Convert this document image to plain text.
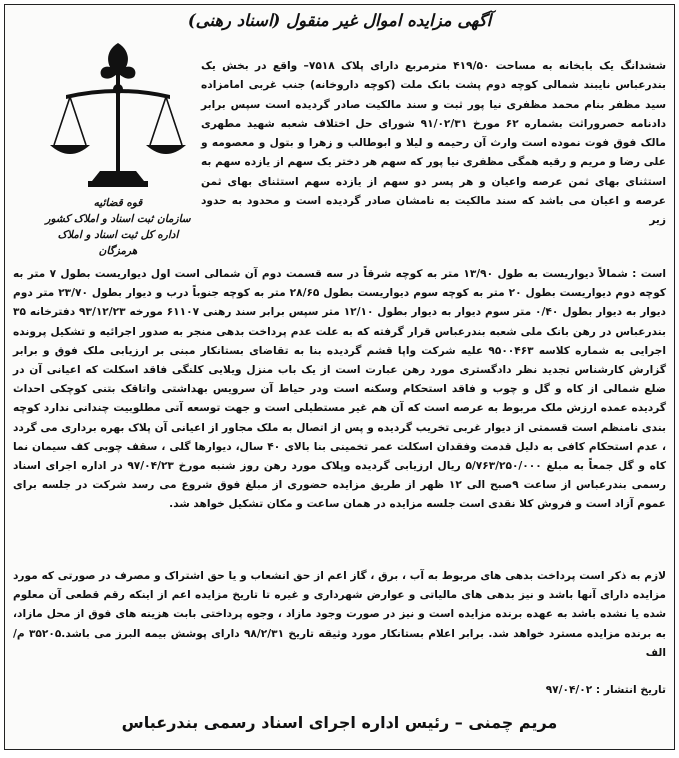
آگهی مزایده اموال غیر منقول (اسناد رهنی)
قوه قضائیه
سازمان ثبت اسناد و املاک کشور
اداره کل ثبت اسناد و املاک هرمزگان
ششدانگ یک بابخانه به مساحت ۴۱۹/۵۰ مترمربع دارای پلاک ۷۵۱۸– واقع در بخش یک بندرعباس نایبند شمالی کوچه دوم پشت بانک ملت (کوچه داروخانه) جنب غربی امامزاده سید مظفر بنام محمد مظفری نیا پور ثبت و سند مالکیت صادر گردیده است سپس برابر دادنامه حصروراثت بشماره ۶۲ مورخ ۹۱/۰۲/۳۱ شورای حل اختلاف شعبه شهید مطهری مالک فوق فوت نموده است وارث آن رحیمه و لیلا و ابوطالب و زهرا و بتول و معصومه و علی رضا و مریم و رقیه همگی مظفری نیا پور که سهم هر دختر یک سهم از یازده سهم به استثنای بهای ثمن عرصه واعیان و هر پسر دو سهم از یازده سهم استثنای بهای ثمن عرصه و اعیان می باشد که سند مالکیت به نامشان صادر گردیده است و محدود به حدود زیر
است : شمالاً دیواریست به طول ۱۳/۹۰ متر به کوچه شرقاً در سه قسمت دوم آن شمالی است اول دیواریست بطول ۷ متر به کوچه دوم دیواریست بطول ۲۰ متر به کوچه سوم دیواریست بطول ۲۸/۶۵ متر به کوچه جنوباً درب و دیوار بطول ۲۳/۷۰ متر دوم دیوار به دیوار بطول ۰/۴۰ متر سوم دیوار به دیوار بطول ۱۲/۱۰ متر سپس برابر سند رهنی ۶۱۱۰۷ مورخه ۹۳/۱۲/۲۳ دفترخانه ۳۵ بندرعباس در رهن بانک ملی شعبه بندرعباس قرار گرفته که به علت عدم پرداخت بدهی منجر به صدور اجرائیه و تشکیل پرونده اجرایی به شماره کلاسه ۹۵۰۰۴۶۳ علیه شرکت واپا قشم گردیده بنا به تقاضای بستانکار مبنی بر ارزیابی ملک فوق و برابر گزارش کارشناس تجدید نظر دادگستری مورد رهن عبارت است از یک باب منزل ویلایی کلنگی فاقد اسکلت که اعیانی آن در ضلع شمالی از کاه و گل و چوب و فاقد استحکام وسکنه است ودر حیاط آن سرویس بهداشتی واتاقک بتنی کوچکی احداث گردیده عمده ارزش ملک مربوط به عرصه است که آن هم غیر مستطیلی است و جهت توسعه آتی مطلوبیت چندانی ندارد کوچه بندی نامنظم است قسمتی از دیوار غربی تخریب گردیده و پس از اتصال به ملک مجاور از اعیانی آن پلاک بهره برداری می گردد ، عدم استحکام کافی به دلیل قدمت وفقدان اسکلت عمر تخمینی بنا بالای ۴۰ سال، دیوارها گلی ، سقف چوبی کف سیمان نما کاه و گل جمعاً به مبلغ ۵/۷۶۳/۲۵۰/۰۰۰ ریال ارزیابی گردیده وپلاک مورد رهن روز شنبه مورخ ۹۷/۰۴/۲۳ در اداره اجرای اسناد رسمی بندرعباس از ساعت ۹صبح الی ۱۲ ظهر از طریق مزایده حضوری از مبلغ فوق شروع می رسد شرکت در جلسه برای عموم آزاد است و فروش کلا نقدی است جلسه مزایده در همان ساعت و مکان تشکیل خواهد شد.
لازم به ذکر است پرداخت بدهی های مربوط به آب ، برق ، گاز اعم از حق انشعاب و یا حق اشتراک و مصرف در صورتی که مورد مزایده دارای آنها باشد و نیز بدهی های مالیاتی و عوارض شهرداری و غیره تا تاریخ مزایده اعم از اینکه رقم قطعی آن معلوم شده یا نشده باشد به عهده برنده مزایده است و نیز در صورت وجود مازاد ، وجوه پرداختی بابت هزینه های فوق از محل مازاد، به برنده مزایده مسترد خواهد شد. برابر اعلام بستانکار مورد وثیقه تاریخ ۹۸/۲/۳۱ دارای پوشش بیمه البرز می باشد.۳۵۲۰۵ م/الف
تاریخ انتشار : ۹۷/۰۴/۰۲
مریم چمنی – رئیس اداره اجرای اسناد رسمی بندرعباس
